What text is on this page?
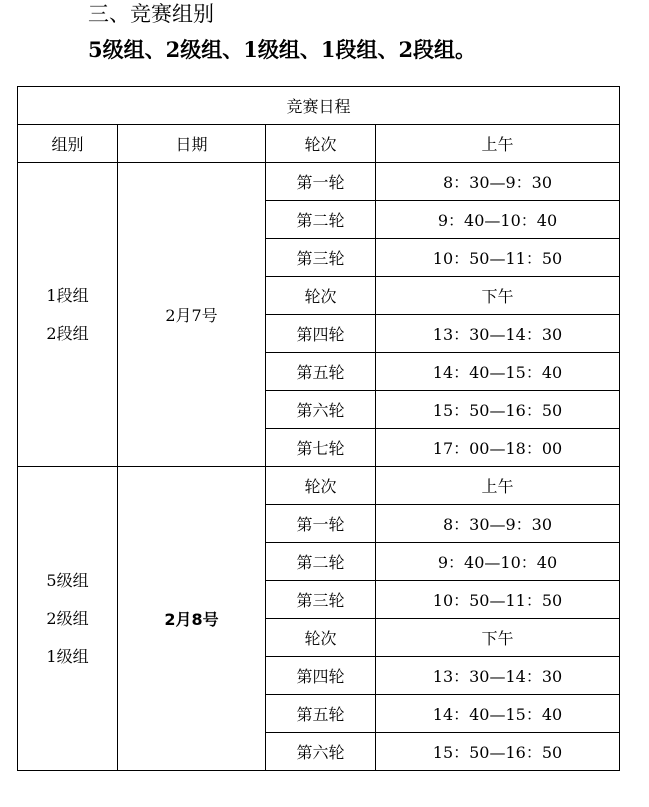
三、竞赛组别
5级组、2级组、1级组、1段组、2段组。
竞赛日程			
组别	日期	轮次	上午

1段组
2段组	2月7号	第一轮	8：30—9：30
		第二轮	9：40—10：40
		第三轮	10：50—11：50
		轮次	下午
		第四轮	13：30—14：30
		第五轮	14：40—15：40
		第六轮	15：50—16：50
		第七轮	17：00—18：00

5级组
2级组
1级组	2月8号	轮次	上午
		第一轮	8：30—9：30
		第二轮	9：40—10：40
		第三轮	10：50—11：50
		轮次	下午
		第四轮	13：30—14：30
		第五轮	14：40—15：40
		第六轮	15：50—16：50
